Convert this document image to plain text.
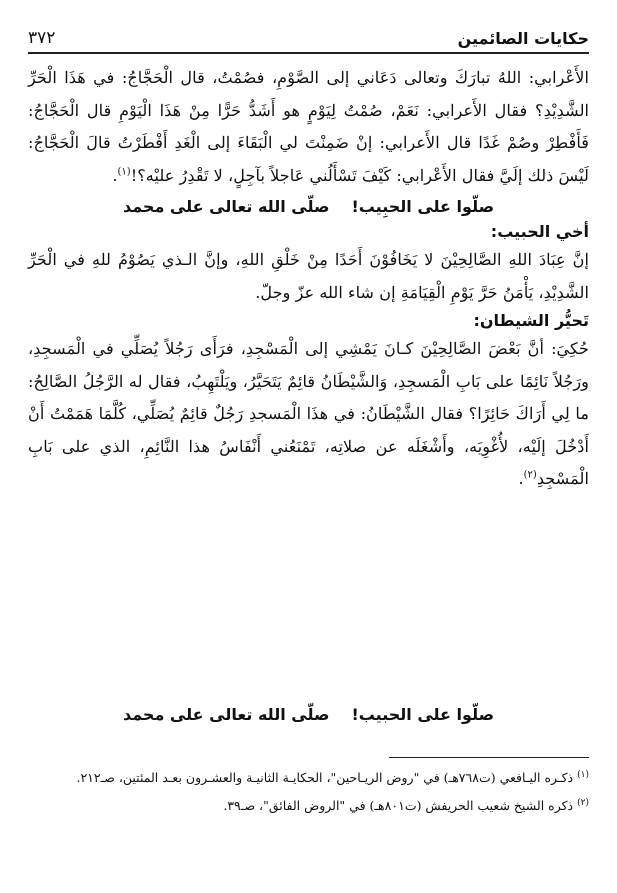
حكايات الصائمين
٣٧٢

الأَعْرابي: اللهُ تبارَكَ وتعالى دَعَاني إلى الصَّوْمِ، فصُمْتُ، قال الْحَجَّاجُ: في هَذَا الْحَرِّ الشَّدِيْدِ؟ فقال الأَعرابي: نَعَمْ، صُمْتُ لِيَوْمٍ هو أَشَدُّ حَرًّا مِنْ هَذَا الْيَوْمِ قال الْحَجَّاجُ: فَأَفْطِرْ وصُمْ غَدًا قال الأَعرابي: إنْ ضَمِنْتَ لي الْبَقَاءَ إلى الْغَدِ أَفْطَرْتُ قالَ الْحَجَّاجُ: لَيْسَ ذلك إلَيَّ فقال الأَعْرابي: كَيْفَ تَسْأَلُني عَاجلاً بآجِلٍ، لا تَقْدِرُ عليْه؟!$^{(١)}$.

صلّوا على الحبِيب!
صلّى الله تعالى على محمد

أخي الحبيب:

إنَّ عِبَادَ اللهِ الصَّالِحِيْنَ لا يَخَافُوْنَ أَحَدًا مِنْ خَلْقِ اللهِ، وإنَّ الـذي يَصُوْمُ للهِ في الْحَرِّ الشَّدِيْدِ، يَأْمَنُ حَرَّ يَوْمِ الْقِيَامَةِ إن شاء الله عزّ وجلّ.

تَحيُّر الشيطان:

حُكِيَ: أنَّ بَعْضَ الصَّالِحِيْنَ كـانَ يَمْشِي إلى الْمَسْجِدِ، فرَأَى رَجُلاً يُصَلِّي في الْمَسجِدِ، ورَجُلاً نَائِمًا على بَابِ الْمَسجِدِ، وَالشَّيْطَانُ قائِمٌ يَتَحَيَّرُ، ويَلْتَهِبُ، فقال له الرَّجُلُ الصَّالِحُ: ما لِي أَرَاكَ حَائِرًا؟ فقال الشَّيْطَانُ: في هذَا الْمَسجدِ رَجُلٌ قائِمٌ يُصَلِّي، كُلَّمَا هَمَمْتُ أَنْ أَدْخُلَ إلَيْه، لأُغْوِيَه، وأَشْغَلَه عن صلاتِه، تَمْنَعُني أَنْفَاسُ هذا النَّائِمِ، الذي على بَابِ الْمَسْجِدِ$^{(٢)}$.

صلّوا على الحبيب!
صلّى الله تعالى على محمد

$^{(١)}$ذكـره اليـافعي (ت٧٦٨هـ) في "روض الريـاحين"، الحكايـة الثانيـة والعشـرون بعـد المئتين، صـ٢١٢.

$^{(٢)}$ذكره الشيخ شعيب الحريفش (ت٨٠١هـ) في "الروض الفائق"، صـ٣٩.
